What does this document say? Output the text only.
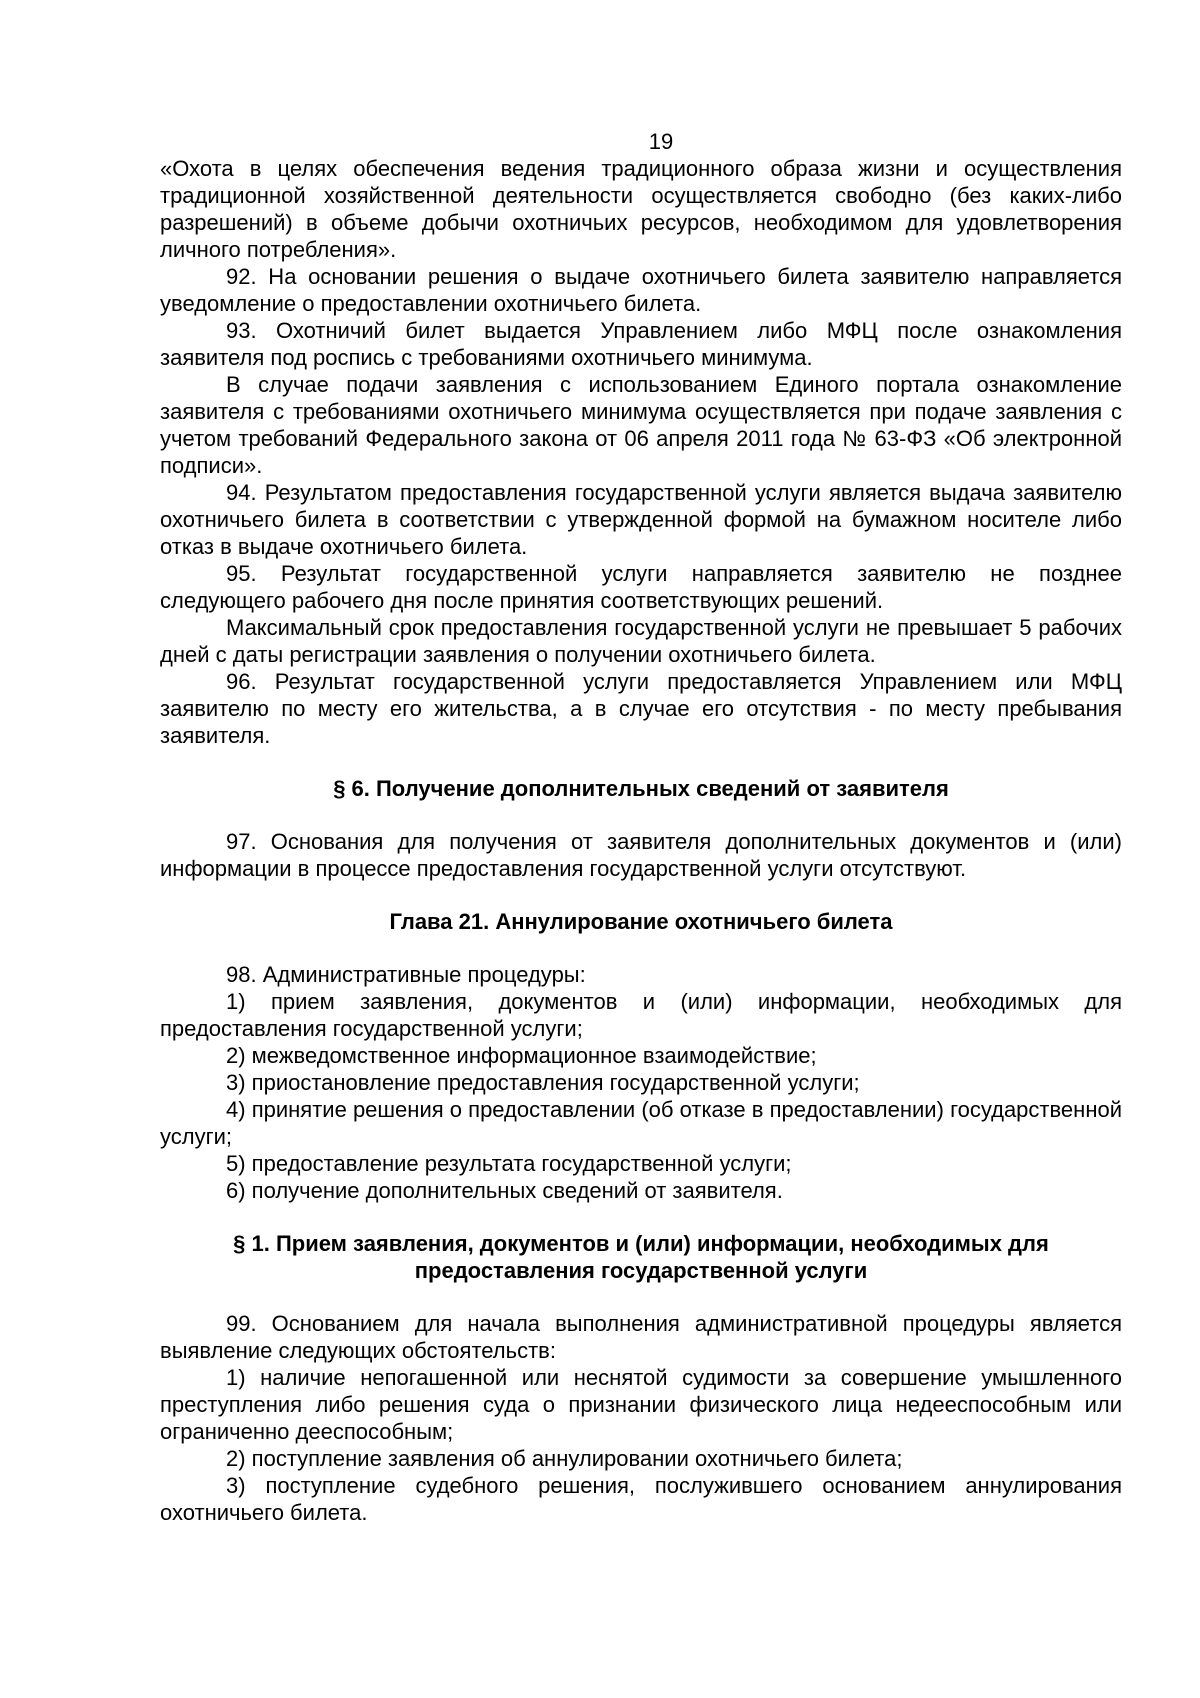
19

«Охота в целях обеспечения ведения традиционного образа жизни и осуществления традиционной хозяйственной деятельности осуществляется свободно (без каких-либо разрешений) в объеме добычи охотничьих ресурсов, необходимом для удовлетворения личного потребления».

92. На основании решения о выдаче охотничьего билета заявителю направляется уведомление о предоставлении охотничьего билета.

93. Охотничий билет выдается Управлением либо МФЦ после ознакомления заявителя под роспись с требованиями охотничьего минимума.

В случае подачи заявления с использованием Единого портала ознакомление заявителя с требованиями охотничьего минимума осуществляется при подаче заявления с учетом требований Федерального закона от 06 апреля 2011 года № 63-ФЗ «Об электронной подписи».

94. Результатом предоставления государственной услуги является выдача заявителю охотничьего билета в соответствии с утвержденной формой на бумажном носителе либо отказ в выдаче охотничьего билета.

95. Результат государственной услуги направляется заявителю не позднее следующего рабочего дня после принятия соответствующих решений.

Максимальный срок предоставления государственной услуги не превышает 5 рабочих дней с даты регистрации заявления о получении охотничьего билета.

96. Результат государственной услуги предоставляется Управлением или МФЦ заявителю по месту его жительства, а в случае его отсутствия - по месту пребывания заявителя.

§ 6. Получение дополнительных сведений от заявителя

97. Основания для получения от заявителя дополнительных документов и (или) информации в процессе предоставления государственной услуги отсутствуют.

Глава 21. Аннулирование охотничьего билета

98. Административные процедуры:

1) прием заявления, документов и (или) информации, необходимых для предоставления государственной услуги;

2) межведомственное информационное взаимодействие;

3) приостановление предоставления государственной услуги;

4) принятие решения о предоставлении (об отказе в предоставлении) государственной услуги;

5) предоставление результата государственной услуги;

6) получение дополнительных сведений от заявителя.

§ 1. Прием заявления, документов и (или) информации, необходимых для

предоставления государственной услуги

99. Основанием для начала выполнения административной процедуры является выявление следующих обстоятельств:

1) наличие непогашенной или неснятой судимости за совершение умышленного преступления либо решения суда о признании физического лица недееспособным или ограниченно дееспособным;

2) поступление заявления об аннулировании охотничьего билета;

3) поступление судебного решения, послужившего основанием аннулирования охотничьего билета.
